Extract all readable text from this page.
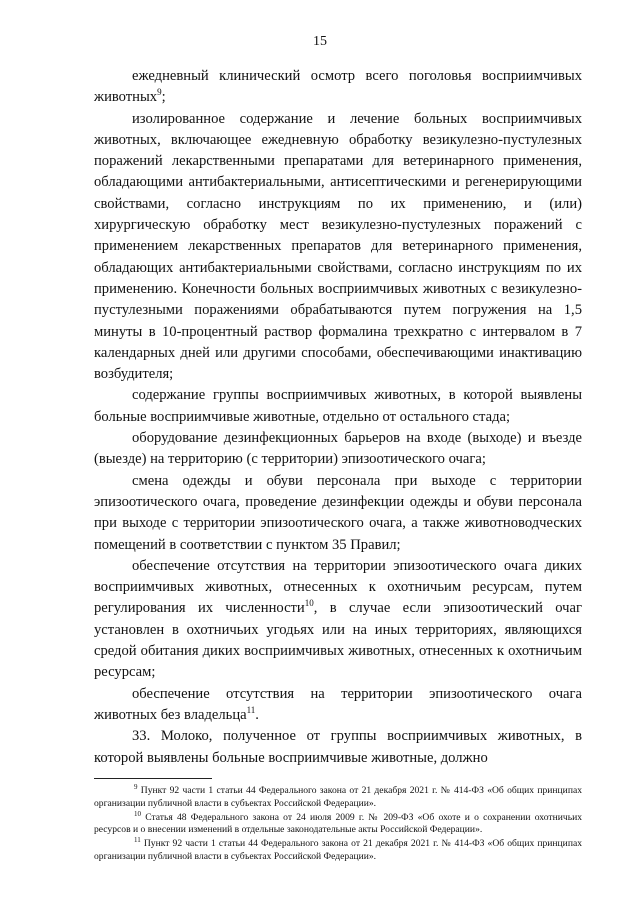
15

ежедневный клинический осмотр всего поголовья восприимчивых животных$^9$;

изолированное содержание и лечение больных восприимчивых животных, включающее ежедневную обработку везикулезно-пустулезных поражений лекарственными препаратами для ветеринарного применения, обладающими антибактериальными, антисептическими и регенерирующими свойствами, согласно инструкциям по их применению, и (или) хирургическую обработку мест везикулезно-пустулезных поражений с применением лекарственных препаратов для ветеринарного применения, обладающих антибактериальными свойствами, согласно инструкциям по их применению. Конечности больных восприимчивых животных с везикулезно-пустулезными поражениями обрабатываются путем погружения на 1,5 минуты в 10-процентный раствор формалина трехкратно с интервалом в 7 календарных дней или другими способами, обеспечивающими инактивацию возбудителя;

содержание группы восприимчивых животных, в которой выявлены больные восприимчивые животные, отдельно от остального стада;

оборудование дезинфекционных барьеров на входе (выходе) и въезде (выезде) на территорию (с территории) эпизоотического очага;

смена одежды и обуви персонала при выходе с территории эпизоотического очага, проведение дезинфекции одежды и обуви персонала при выходе с территории эпизоотического очага, а также животноводческих помещений в соответствии с пунктом 35 Правил;

обеспечение отсутствия на территории эпизоотического очага диких восприимчивых животных, отнесенных к охотничьим ресурсам, путем регулирования их численности$^{10}$, в случае если эпизоотический очаг установлен в охотничьих угодьях или на иных территориях, являющихся средой обитания диких восприимчивых животных, отнесенных к охотничьим ресурсам;

обеспечение отсутствия на территории эпизоотического очага животных без владельца$^{11}$.

33. Молоко, полученное от группы восприимчивых животных, в которой выявлены больные восприимчивые животные, должно

$^9$ Пункт 92 части 1 статьи 44 Федерального закона от 21 декабря 2021 г. № 414-ФЗ «Об общих принципах организации публичной власти в субъектах Российской Федерации».

$^{10}$ Статья 48 Федерального закона от 24 июля 2009 г. № 209-ФЗ «Об охоте и о сохранении охотничьих ресурсов и о внесении изменений в отдельные законодательные акты Российской Федерации».

$^{11}$ Пункт 92 части 1 статьи 44 Федерального закона от 21 декабря 2021 г. № 414-ФЗ «Об общих принципах организации публичной власти в субъектах Российской Федерации».
